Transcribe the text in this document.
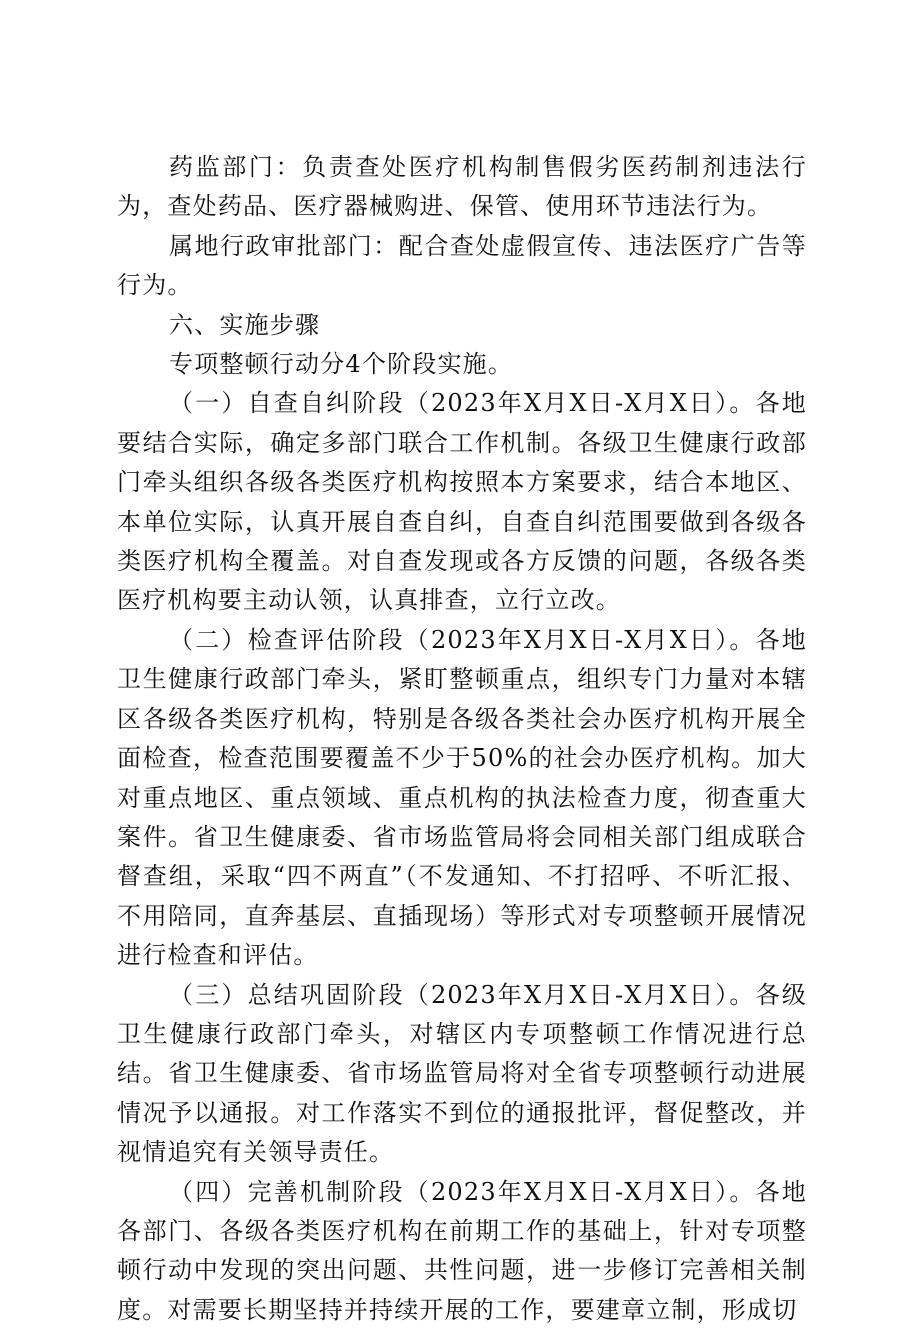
药监部门：负责查处医疗机构制售假劣医药制剂违法行为，查处药品、医疗器械购进、保管、使用环节违法行为。

属地行政审批部门：配合查处虚假宣传、违法医疗广告等行为。

六、实施步骤

专项整顿行动分4个阶段实施。

（一）自查自纠阶段（2023年X月X日-X月X日）。各地要结合实际，确定多部门联合工作机制。各级卫生健康行政部门牵头组织各级各类医疗机构按照本方案要求，结合本地区、本单位实际，认真开展自查自纠，自查自纠范围要做到各级各类医疗机构全覆盖。对自查发现或各方反馈的问题，各级各类医疗机构要主动认领，认真排查，立行立改。

（二）检查评估阶段（2023年X月X日-X月X日）。各地卫生健康行政部门牵头，紧盯整顿重点，组织专门力量对本辖区各级各类医疗机构，特别是各级各类社会办医疗机构开展全面检查，检查范围要覆盖不少于50%的社会办医疗机构。加大对重点地区、重点领域、重点机构的执法检查力度，彻查重大案件。省卫生健康委、省市场监管局将会同相关部门组成联合督查组，采取“四不两直”（不发通知、不打招呼、不听汇报、不用陪同，直奔基层、直插现场）等形式对专项整顿开展情况进行检查和评估。

（三）总结巩固阶段（2023年X月X日-X月X日）。各级卫生健康行政部门牵头，对辖区内专项整顿工作情况进行总结。省卫生健康委、省市场监管局将对全省专项整顿行动进展情况予以通报。对工作落实不到位的通报批评，督促整改，并视情追究有关领导责任。

（四）完善机制阶段（2023年X月X日-X月X日）。各地各部门、各级各类医疗机构在前期工作的基础上，针对专项整顿行动中发现的突出问题、共性问题，进一步修订完善相关制度。对需要长期坚持并持续开展的工作，要建章立制，形成切
